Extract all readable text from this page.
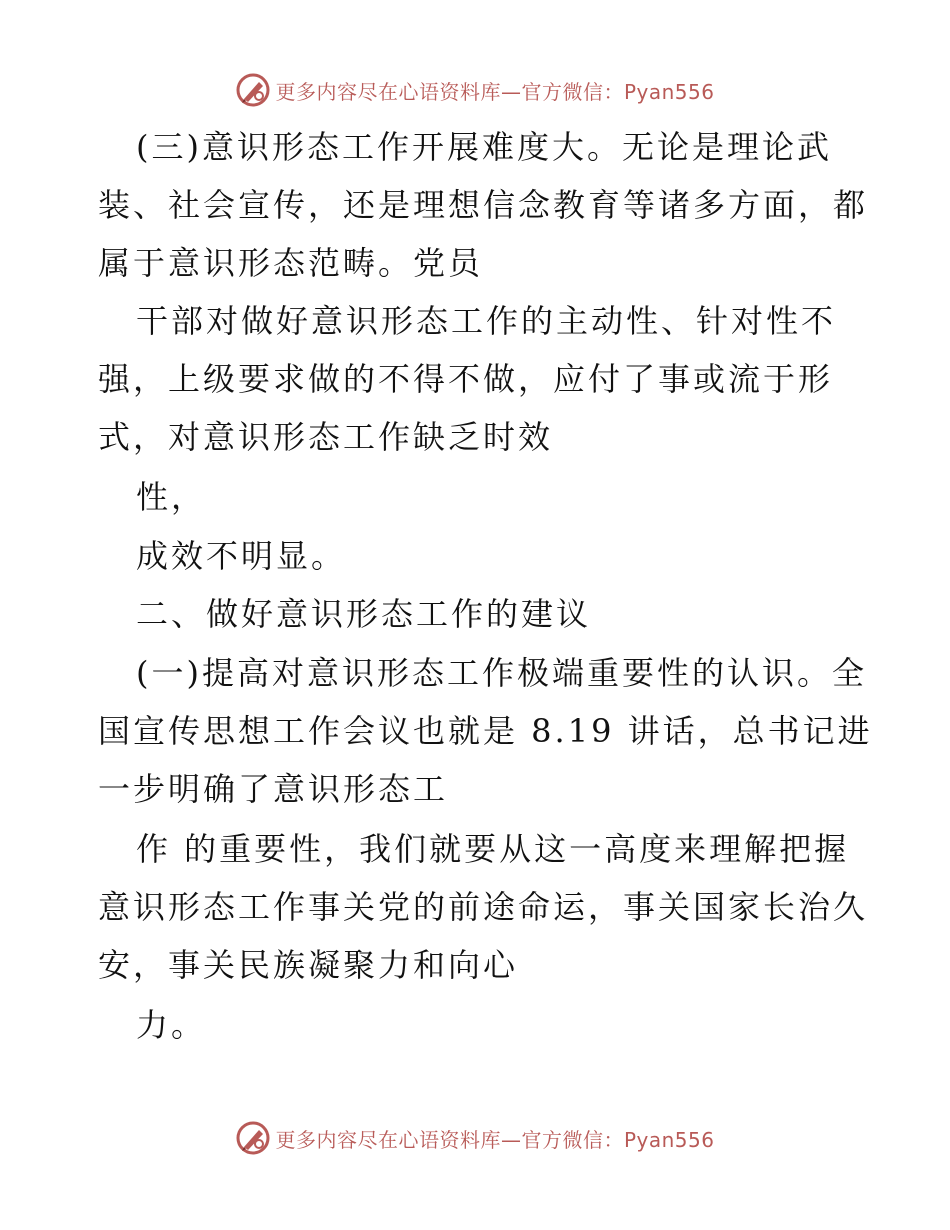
更多内容尽在心语资料库—官方微信：Pyan556
(三)意识形态工作开展难度大。无论是理论武
装、社会宣传，还是理想信念教育等诸多方面，都
属于意识形态范畴。党员
干部对做好意识形态工作的主动性、针对性不
强，上级要求做的不得不做，应付了事或流于形
式，对意识形态工作缺乏时效
性，
成效不明显。
二、做好意识形态工作的建议
(一)提高对意识形态工作极端重要性的认识。全
国宣传思想工作会议也就是 8.19 讲话，总书记进
一步明确了意识形态工
作 的重要性，我们就要从这一高度来理解把握
意识形态工作事关党的前途命运，事关国家长治久
安，事关民族凝聚力和向心
力。
更多内容尽在心语资料库—官方微信：Pyan556
